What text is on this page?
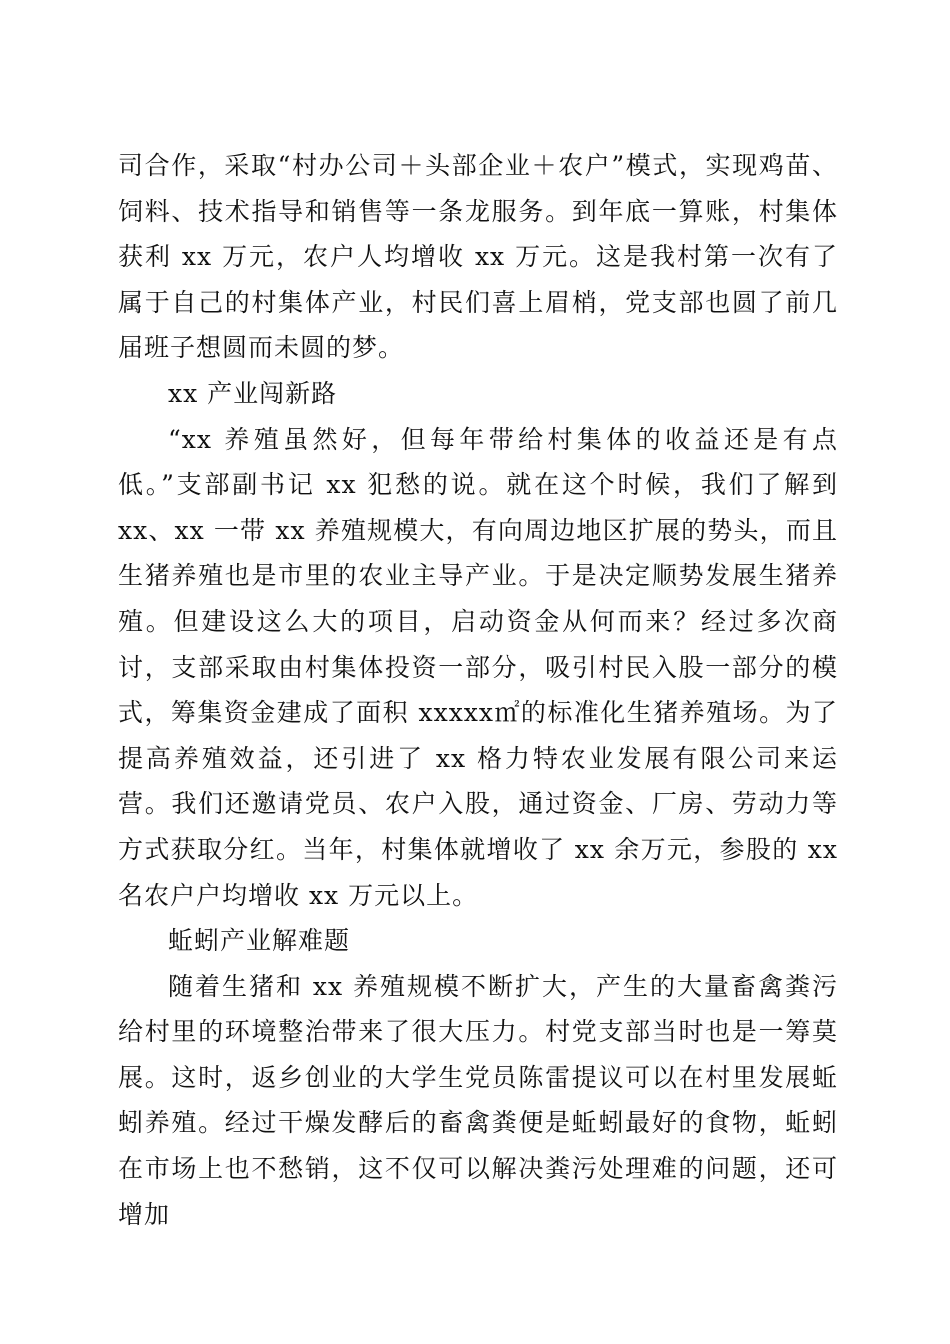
司合作，采取“村办公司＋头部企业＋农户”模式，实现鸡苗、饲料、技术指导和销售等一条龙服务。到年底一算账，村集体获利 xx 万元，农户人均增收 xx 万元。这是我村第一次有了属于自己的村集体产业，村民们喜上眉梢，党支部也圆了前几届班子想圆而未圆的梦。

xx 产业闯新路

“xx 养殖虽然好，但每年带给村集体的收益还是有点低。”支部副书记 xx 犯愁的说。就在这个时候，我们了解到 xx、xx 一带 xx 养殖规模大，有向周边地区扩展的势头，而且生猪养殖也是市里的农业主导产业。于是决定顺势发展生猪养殖。但建设这么大的项目，启动资金从何而来？经过多次商讨，支部采取由村集体投资一部分，吸引村民入股一部分的模式，筹集资金建成了面积 xxxxx㎡的标准化生猪养殖场。为了提高养殖效益，还引进了 xx 格力特农业发展有限公司来运营。我们还邀请党员、农户入股，通过资金、厂房、劳动力等方式获取分红。当年，村集体就增收了 xx 余万元，参股的 xx 名农户户均增收 xx 万元以上。

蚯蚓产业解难题

随着生猪和 xx 养殖规模不断扩大，产生的大量畜禽粪污给村里的环境整治带来了很大压力。村党支部当时也是一筹莫展。这时，返乡创业的大学生党员陈雷提议可以在村里发展蚯蚓养殖。经过干燥发酵后的畜禽粪便是蚯蚓最好的食物，蚯蚓在市场上也不愁销，这不仅可以解决粪污处理难的问题，还可增加
